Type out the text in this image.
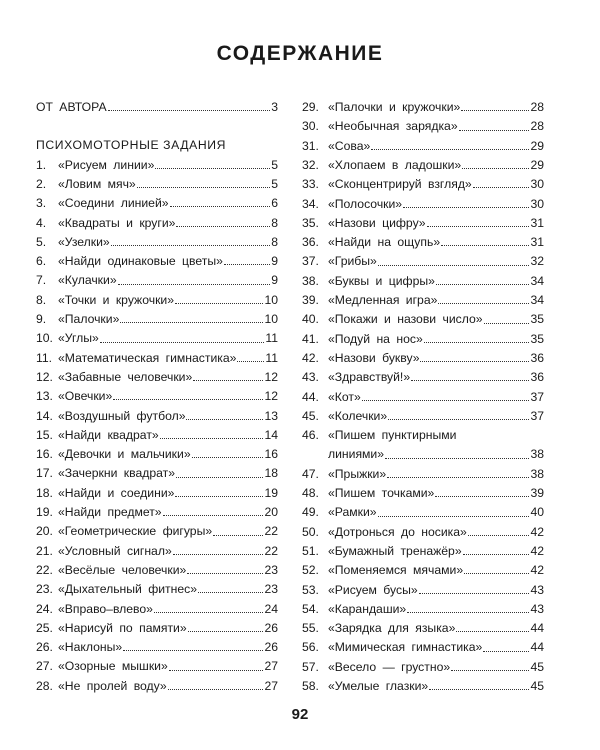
СОДЕРЖАНИЕ
ОТ АВТОРА	3
ПСИХОМОТОРНЫЕ ЗАДАНИЯ
1. «Рисуем линии»	5
2. «Ловим мяч»	5
3. «Соедини линией»	6
4. «Квадраты и круги»	8
5. «Узелки»	8
6. «Найди одинаковые цветы»	9
7. «Кулачки»	9
8. «Точки и кружочки»	10
9. «Палочки»	10
10. «Углы»	11
11. «Математическая гимнастика» 11
12. «Забавные человечки»	12
13. «Овечки»	12
14. «Воздушный футбол»	13
15. «Найди квадрат»	14
16. «Девочки и мальчики»	16
17. «Зачеркни квадрат»	18
18. «Найди и соедини»	19
19. «Найди предмет»	20
20. «Геометрические фигуры»	22
21. «Условный сигнал»	22
22. «Весёлые человечки»	23
23. «Дыхательный фитнес»	23
24. «Вправо–влево»	24
25. «Нарисуй по памяти»	26
26. «Наклоны»	26
27. «Озорные мышки»	27
28. «Не пролей воду»	27
29. «Палочки и кружочки»	28
30. «Необычная зарядка»	28
31. «Сова»	29
32. «Хлопаем в ладошки»	29
33. «Сконцентрируй взгляд»	30
34. «Полосочки»	30
35. «Назови цифру»	31
36. «Найди на ощупь»	31
37. «Грибы»	32
38. «Буквы и цифры»	34
39. «Медленная игра»	34
40. «Покажи и назови число»	35
41. «Подуй на нос»	35
42. «Назови букву»	36
43. «Здравствуй!»	36
44. «Кот»	37
45. «Колечки»	37
46. «Пишем пунктирными
линиями»	38
47. «Прыжки»	38
48. «Пишем точками»	39
49. «Рамки»	40
50. «Дотронься до носика»	42
51. «Бумажный тренажёр»	42
52. «Поменяемся мячами»	42
53. «Рисуем бусы»	43
54. «Карандаши»	43
55. «Зарядка для языка»	44
56. «Мимическая гимнастика»	44
57. «Весело — грустно»	45
58. «Умелые глазки»	45
92
